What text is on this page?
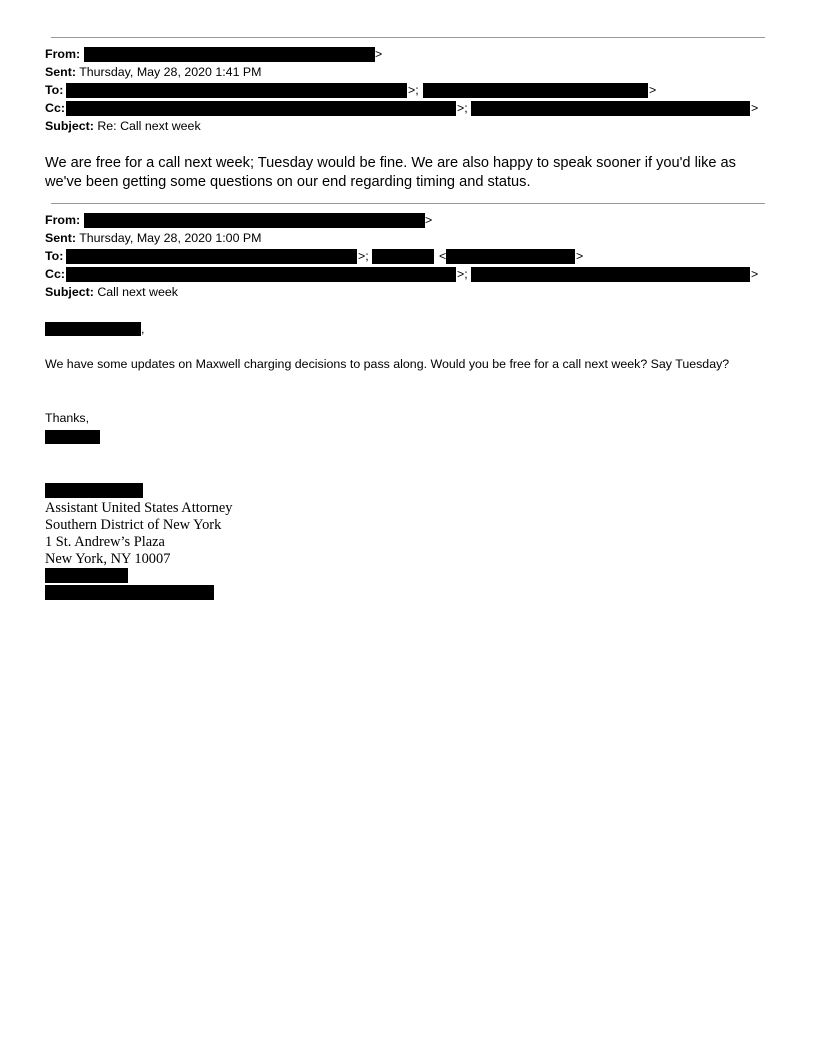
From:	>
Sent: Thursday, May 28, 2020 1:41 PM
To:	>;	>
Cc:	>;	>
Subject: Re: Call next week
We are free for a call next week; Tuesday would be fine. We are also happy to speak sooner if you'd like as we've been getting some questions on our end regarding timing and status.
From:	>
Sent: Thursday, May 28, 2020 1:00 PM
To:	>;	<	>
Cc:	>;	>
Subject: Call next week
,
We have some updates on Maxwell charging decisions to pass along. Would you be free for a call next week? Say Tuesday?
Thanks,
Assistant United States Attorney
Southern District of New York
1 St. Andrew’s Plaza
New York, NY 10007
